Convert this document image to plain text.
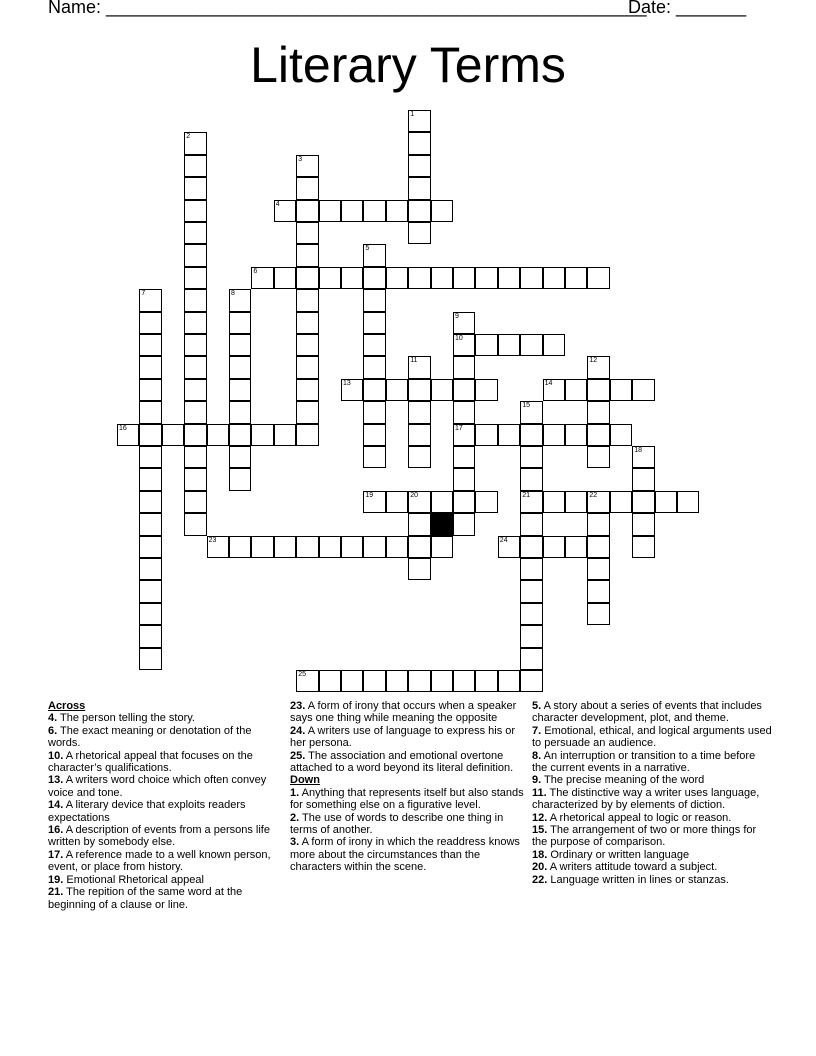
Name: ______________________________________________________
Date: _______
Literary Terms
1
2
3
4
5
6
7	8
9
10
17
11	12
13	14
15
21
16
18
19	20	22
23	24
25
Across

4. The person telling the story.

6. The exact meaning or denotation of the words.

10. A rhetorical appeal that focuses on the character’s qualifications.

13. A writers word choice which often convey voice and tone.

14. A literary device that exploits readers expectations

16. A description of events from a persons life written by somebody else.

17. A reference made to a well known person, event, or place from history.

19. Emotional Rhetorical appeal

21. The repition of the same word at the beginning of a clause or line.

23. A form of irony that occurs when a speaker says one thing while meaning the opposite

24. A writers use of language to express his or her persona.

25. The association and emotional overtone attached to a word beyond its literal definition.

Down

1. Anything that represents itself but also stands for something else on a figurative level.

2. The use of words to describe one thing in terms of another.

3. A form of irony in which the readdress knows more about the circumstances than the characters within the scene.

5. A story about a series of events that includes character development, plot, and theme.

7. Emotional, ethical, and logical arguments used to persuade an audience.

8. An interruption or transition to a time before the current events in a narrative.

9. The precise meaning of the word

11. The distinctive way a writer uses language, characterized by by elements of diction.

12. A rhetorical appeal to logic or reason.

15. The arrangement of two or more things for the purpose of comparison.

18. Ordinary or written language

20. A writers attitude toward a subject.

22. Language written in lines or stanzas.
